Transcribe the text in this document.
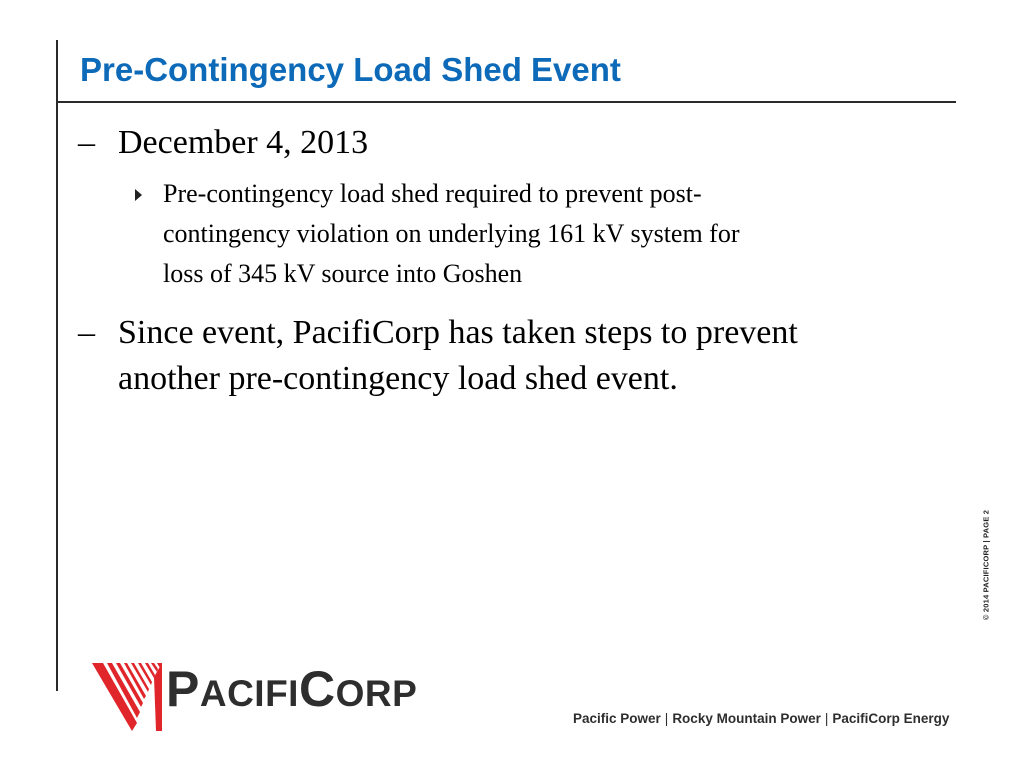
Pre-Contingency Load Shed Event
– December 4, 2013
Pre-contingency load shed required to prevent post-
contingency violation on underlying 161 kV system for
loss of 345 kV source into Goshen
– Since event, PacifiCorp has taken steps to prevent
another pre-contingency load shed event.
© 2014 PACIFICORP | PAGE 2
PACIFICORP
Pacific Power | Rocky Mountain Power | PacifiCorp Energy
